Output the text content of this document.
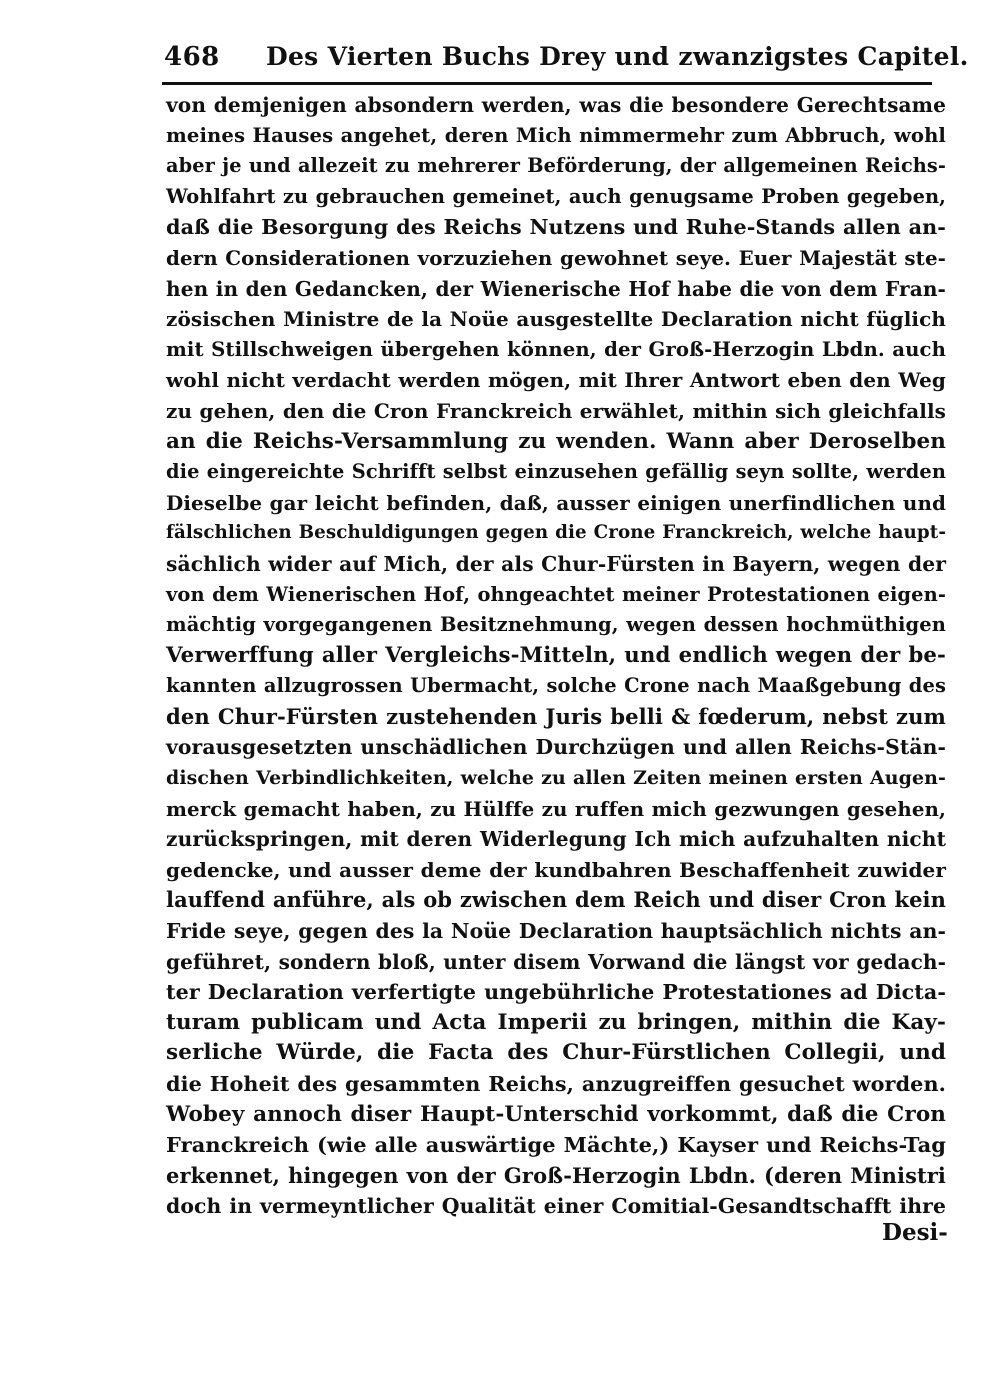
468 Des Vierten Buchs Drey und zwanzigstes Capitel.
von demjenigen absondern werden, was die besondere Gerechtsame
meines Hauses angehet, deren Mich nimmermehr zum Abbruch, wohl
aber je und allezeit zu mehrerer Beförderung, der allgemeinen Reichs-
Wohlfahrt zu gebrauchen gemeinet, auch genugsame Proben gegeben,
daß die Besorgung des Reichs Nutzens und Ruhe-Stands allen an-
dern Considerationen vorzuziehen gewohnet seye. Euer Majestät ste-
hen in den Gedancken, der Wienerische Hof habe die von dem Fran-
zösischen Ministre de la Noüe ausgestellte Declaration nicht füglich
mit Stillschweigen übergehen können, der Groß-Herzogin Lbdn. auch
wohl nicht verdacht werden mögen, mit Ihrer Antwort eben den Weg
zu gehen, den die Cron Franckreich erwählet, mithin sich gleichfalls
an die Reichs-Versammlung zu wenden. Wann aber Deroselben
die eingereichte Schrifft selbst einzusehen gefällig seyn sollte, werden
Dieselbe gar leicht befinden, daß, ausser einigen unerfindlichen und
fälschlichen Beschuldigungen gegen die Crone Franckreich, welche haupt-
sächlich wider auf Mich, der als Chur-Fürsten in Bayern, wegen der
von dem Wienerischen Hof, ohngeachtet meiner Protestationen eigen-
mächtig vorgegangenen Besitznehmung, wegen dessen hochmüthigen
Verwerffung aller Vergleichs-Mitteln, und endlich wegen der be-
kannten allzugrossen Ubermacht, solche Crone nach Maaßgebung des
den Chur-Fürsten zustehenden Juris belli & fœderum, nebst zum
vorausgesetzten unschädlichen Durchzügen und allen Reichs-Stän-
dischen Verbindlichkeiten, welche zu allen Zeiten meinen ersten Augen-
merck gemacht haben, zu Hülffe zu ruffen mich gezwungen gesehen,
zurückspringen, mit deren Widerlegung Ich mich aufzuhalten nicht
gedencke, und ausser deme der kundbahren Beschaffenheit zuwider
lauffend anführe, als ob zwischen dem Reich und diser Cron kein
Fride seye, gegen des la Noüe Declaration hauptsächlich nichts an-
geführet, sondern bloß, unter disem Vorwand die längst vor gedach-
ter Declaration verfertigte ungebührliche Protestationes ad Dicta-
turam publicam und Acta Imperii zu bringen, mithin die Kay-
serliche Würde, die Facta des Chur-Fürstlichen Collegii, und
die Hoheit des gesammten Reichs, anzugreiffen gesuchet worden.
Wobey annoch diser Haupt-Unterschid vorkommt, daß die Cron
Franckreich (wie alle auswärtige Mächte,) Kayser und Reichs-Tag
erkennet, hingegen von der Groß-Herzogin Lbdn. (deren Ministri
doch in vermeyntlicher Qualität einer Comitial-Gesandtschafft ihre
Desi-
